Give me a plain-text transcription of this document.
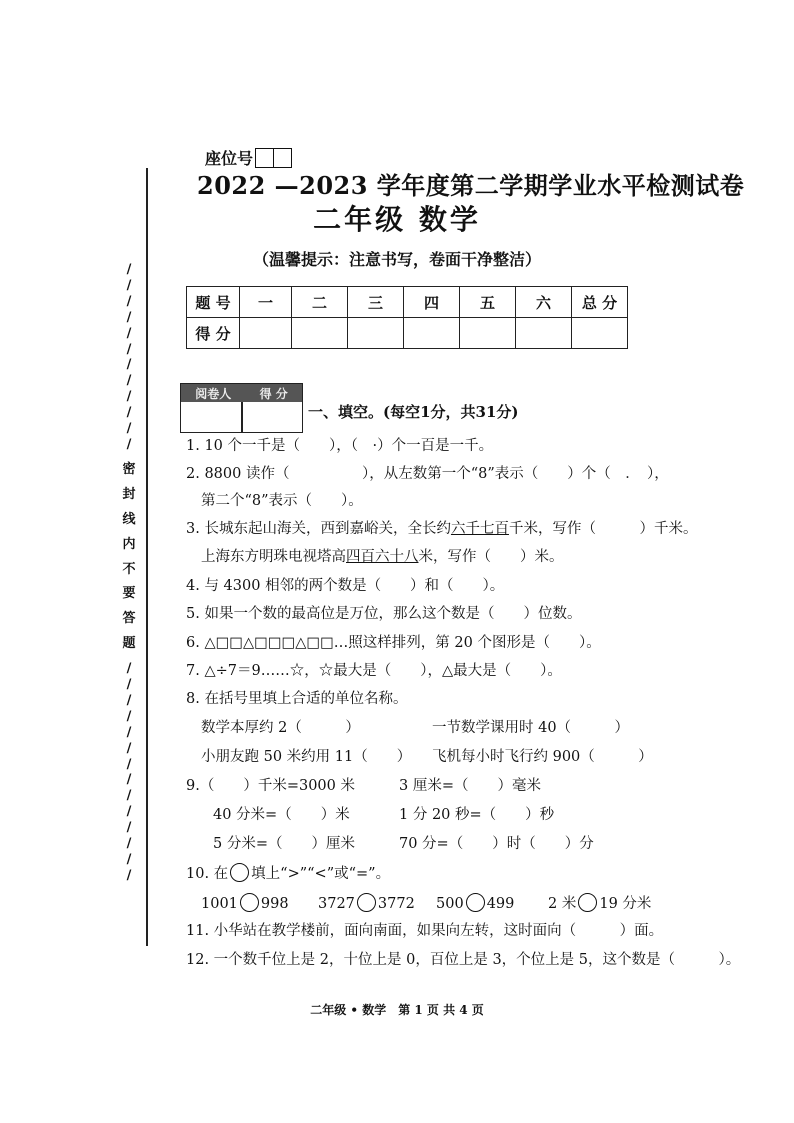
座位号
2022 —2023 学年度第二学期学业水平检测试卷
二年级 数学
（温馨提示：注意书写，卷面干净整洁）
/
/
/
/
/
/
/
/
/
/
/
/
密
封
线
内
不
要
答
题
/
/
/
/
/
/
/
/
/
/
/
/
/
/
题 号	一	二	三	四	五	六	总 分
得 分							
阅卷人 得 分
一、填空。(每空1分，共31分)
1. 10 个一千是（　　），（　·）个一百是一千。
2. 8800 读作（　　　　　），从左数第一个“8”表示（　　）个（　．　），
第二个“8”表示（　　）。
3. 长城东起山海关，西到嘉峪关，全长约六千七百千米，写作（　　　）千米。
上海东方明珠电视塔高四百六十八米，写作（　　）米。
4. 与 4300 相邻的两个数是（　　）和（　　）。
5. 如果一个数的最高位是万位，那么这个数是（　　）位数。
6. △□□△□□□△□□…照这样排列，第 20 个图形是（　　）。
7. △÷7＝9……☆，☆最大是（　　），△最大是（　　）。
8. 在括号里填上合适的单位名称。
数学本厚约 2（　　　）	一节数学课用时 40（　　　）
小朋友跑 50 米约用 11（　　） 飞机每小时飞行约 900（　　　）
9.（　　）千米=3000 米	3 厘米=（　　）毫米
40 分米=（　　）米	1 分 20 秒=（　　）秒
5 分米=（　　）厘米	70 分=（　　）时（　　）分
10. 在 填上“>”“<”或“=”。
1001 998 3727 3772 500 499 2 米 19 分米
11. 小华站在教学楼前，面向南面，如果向左转，这时面向（　　　）面。
12. 一个数千位上是 2，十位上是 0，百位上是 3，个位上是 5，这个数是（　　　）。
二年级 • 数学　第 1 页 共 4 页
